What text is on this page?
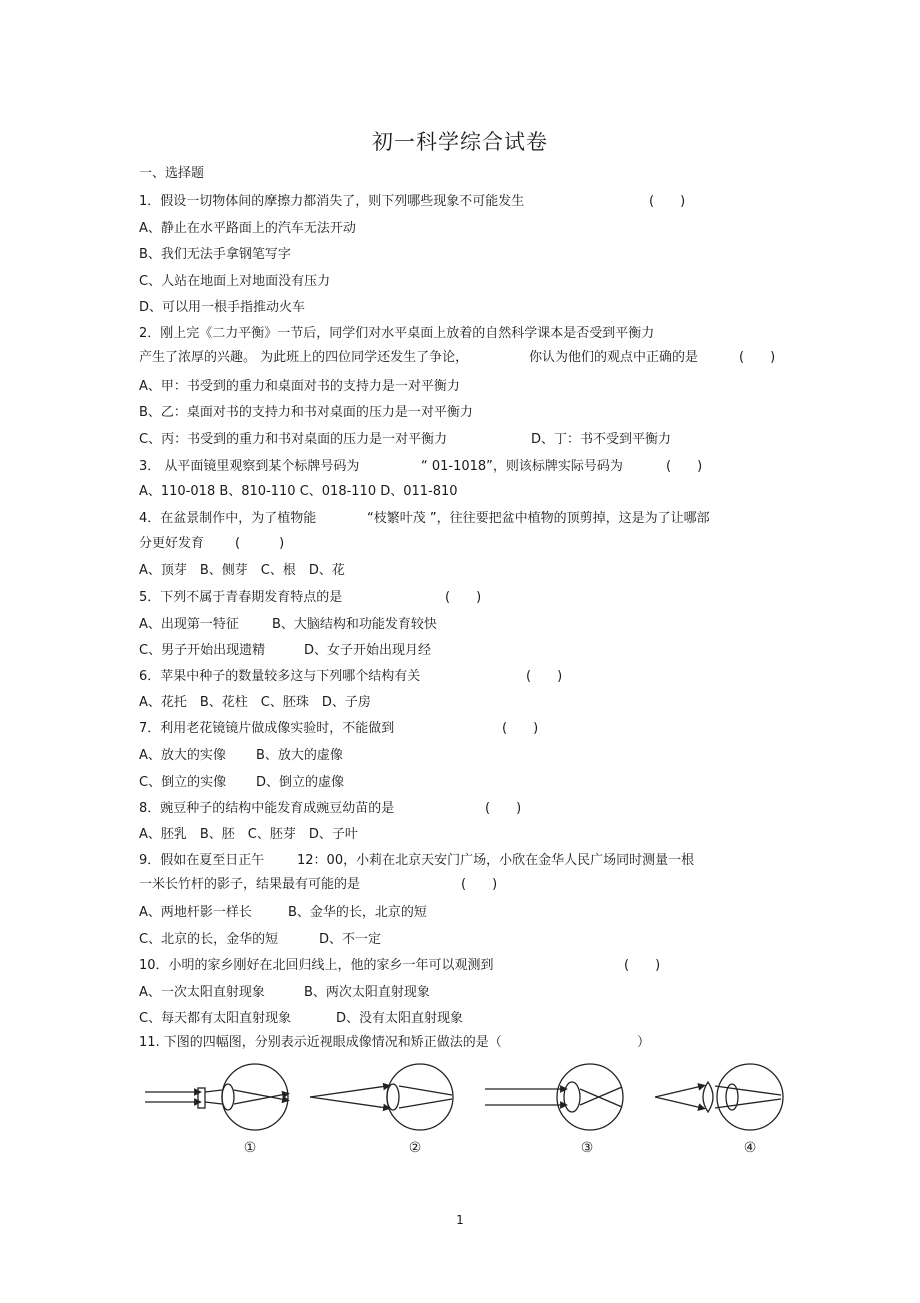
初一科学综合试卷
一、选择题
1．假设一切物体间的摩擦力都消失了，则下列哪些现象不可能发生	(　　)
A、静止在水平路面上的汽车无法开动
B、我们无法手拿钢笔写字
C、人站在地面上对地面没有压力
D、可以用一根手指推动火车
2．刚上完《二力平衡》一节后，同学们对水平桌面上放着的自然科学课本是否受到平衡力
产生了浓厚的兴趣。 为此班上的四位同学还发生了争论，	你认为他们的观点中正确的是	(　　)
A、甲：书受到的重力和桌面对书的支持力是一对平衡力
B、乙：桌面对书的支持力和书对桌面的压力是一对平衡力
C、丙：书受到的重力和书对桌面的压力是一对平衡力	D、丁：书不受到平衡力
3． 从平面镜里观察到某个标牌号码为	“ 01-1018”，则该标牌实际号码为	(　　)
A、110-018 B、810-110 C、018-110 D、011-810
4．在盆景制作中，为了植物能	“枝繁叶茂 ”，往往要把盆中植物的顶剪掉，这是为了让哪部
分更好发育 (　　　)
A、顶芽　B、侧芽　C、根　D、花
5．下列不属于青春期发育特点的是	(　　)
A、出现第一特征	B、大脑结构和功能发育较快
C、男子开始出现遗精	D、女子开始出现月经
6．苹果中种子的数量较多这与下列哪个结构有关	(　　)
A、花托　B、花柱　C、胚珠　D、子房
7．利用老花镜镜片做成像实验时，不能做到	(　　)
A、放大的实像 B、放大的虚像
C、倒立的实像 D、倒立的虚像
8．豌豆种子的结构中能发育成豌豆幼苗的是	(　　)
A、胚乳　B、胚　C、胚芽　D、子叶
9．假如在夏至日正午	12：00，小莉在北京天安门广场，小欣在金华人民广场同时测量一根
一米长竹杆的影子，结果最有可能的是	(　　)
A、两地杆影一样长	B、金华的长，北京的短
C、北京的长，金华的短	D、不一定
10．小明的家乡刚好在北回归线上，他的家乡一年可以观测到	(　　)
A、一次太阳直射现象	B、两次太阳直射现象
C、每天都有太阳直射现象	D、没有太阳直射现象
11. 下图的四幅图，分别表示近视眼成像情况和矫正做法的是（	）
①	②	③	④
1
